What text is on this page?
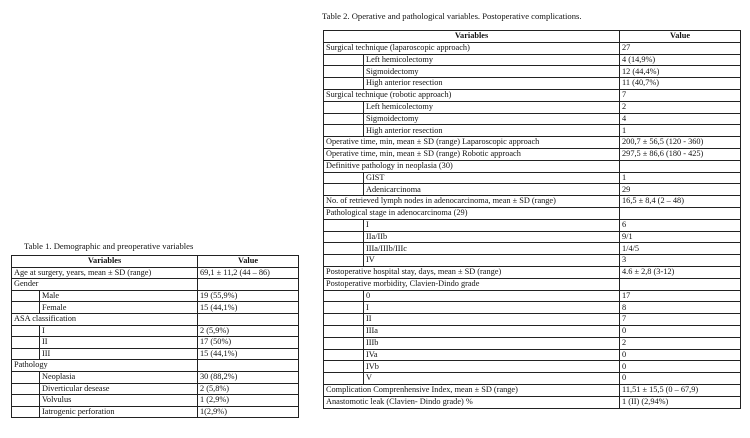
Table 1. Demographic and preoperative variables
Variables		Value
Age at surgery, years, mean ± SD (range)		69,1 ± 11,2 (44 – 86)
Gender		
	Male	19 (55,9%)
	Female	15 (44,1%)
ASA classification		
	I	2 (5,9%)
	II	17 (50%)
	III	15 (44,1%)
Pathology		
	Neoplasia	30 (88,2%)
	Diverticular desease	2 (5,8%)
	Volvulus	1 (2,9%)
	Iatrogenic perforation	1(2,9%)
Table 2. Operative and pathological variables. Postoperative complications.
Variables		Value
Surgical technique (laparoscopic approach)		27
	Left hemicolectomy	4 (14,9%)
	Sigmoidectomy	12 (44,4%)
	High anterior resection	11 (40,7%)
Surgical technique (robotic approach)		7
	Left hemicolectomy	2
	Sigmoidectomy	4
	High anterior resection	1
Operative time, min, mean ± SD (range) Laparoscopic approach		200,7 ± 56,5 (120 - 360)
Operative time, min, mean ± SD (range) Robotic approach		297,5 ± 86,6 (180 - 425)
Definitive pathology in neoplasia (30)		
	GIST	1
	Adenicarcinoma	29
No. of retrieved lymph nodes in adenocarcinoma, mean ± SD (range)		16,5 ± 8,4 (2 – 48)
Pathological stage in adenocarcinoma (29)		
	I	6
	IIa/IIb	9/1
	IIIa/IIIb/IIIc	1/4/5
	IV	3
Postoperative hospital stay, days, mean ± SD (range)		4.6 ± 2,8 (3-12)
Postoperative morbidity, Clavien-Dindo grade		
	0	17
	I	8
	II	7
	IIIa	0
	IIIb	2
	IVa	0
	IVb	0
	V	0
Complication Comprenhensive Index, mean ± SD (range)		11,51 ± 15,5 (0 – 67,9)
Anastomotic leak (Clavien- Dindo grade) %		1 (II) (2,94%)
